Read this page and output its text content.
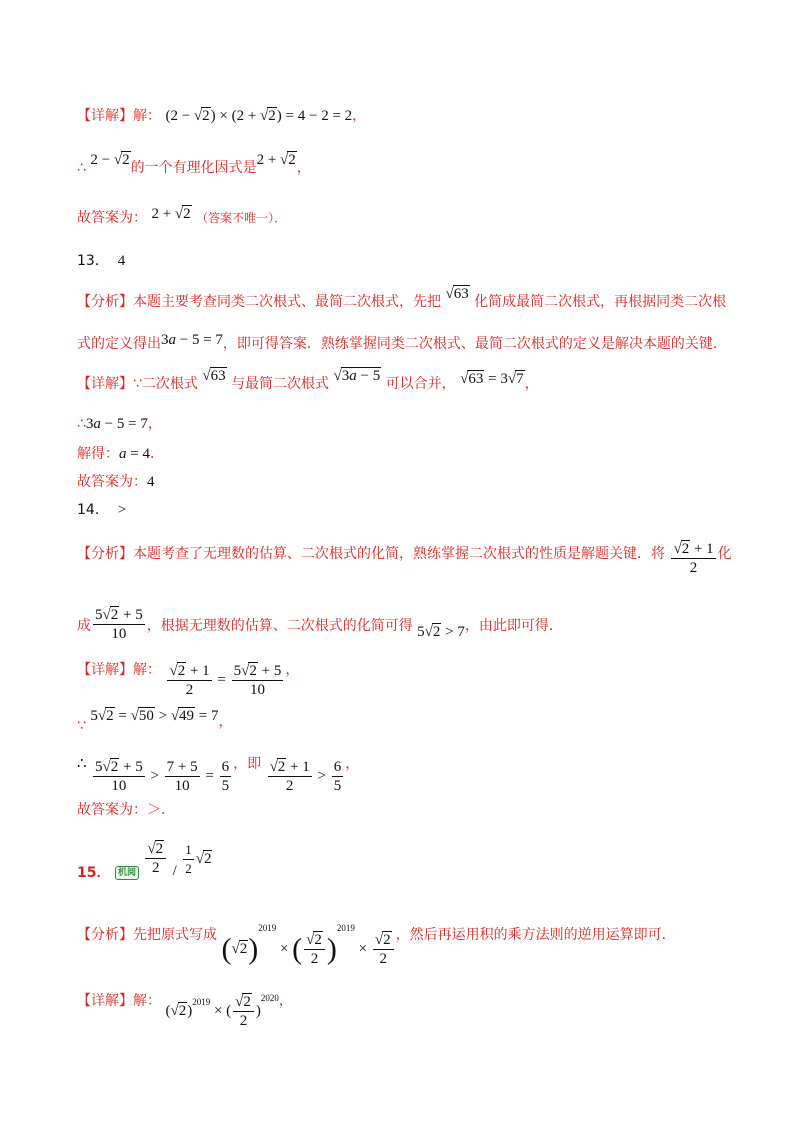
【详解】解： (2 − √2) × (2 + √2) = 4 − 2 = 2，
∴ 2 − √2的一个有理化因式是2 + √2，
故答案为： 2 + √2 （答案不唯一）．
13． 4
【分析】本题主要考查同类二次根式、最简二次根式，先把 √63 化简成最简二次根式，再根据同类二次根
式的定义得出3a − 5 = 7，即可得答案．熟练掌握同类二次根式、最简二次根式的定义是解决本题的关键．
【详解】∵二次根式 √63 与最简二次根式 √3a − 5 可以合并， √63 = 3√7，
∴3a − 5 = 7，
解得：a = 4．
故答案为：4
14． >
【分析】本题考查了无理数的估算、二次根式的化简，熟练掌握二次根式的性质是解题关键．将 $\frac{√2 + 1}{2}$ 化
成 $\frac{5√2 + 5}{10}$ ，根据无理数的估算、二次根式的化简可得 5√2 > 7，由此即可得．
【详解】解： $\frac{√2 + 1}{2} = \frac{5√2 + 5}{10}$ ，
∵ 5√2 = √50 > √49 = 7，
∴ $\frac{5√2 + 5}{10} > \frac{7 + 5}{10} = \frac{6}{5}$ ，即 $\frac{√2 + 1}{2} > \frac{6}{5}$ ，
故答案为：＞．
15． 机阅 $\frac{√2}{2} / \frac{1}{2} √2$
【分析】先把原式写成 $(√2)^{2019}$ × ( $\frac{√2}{2} )^{2019} \times \frac{√2}{2}$ ，然后再运用积的乘方法则的逆用运算即可．
【详解】解： $(√2)^{2019}$ × ( $\frac{√2}{2} )^{2020}$，
